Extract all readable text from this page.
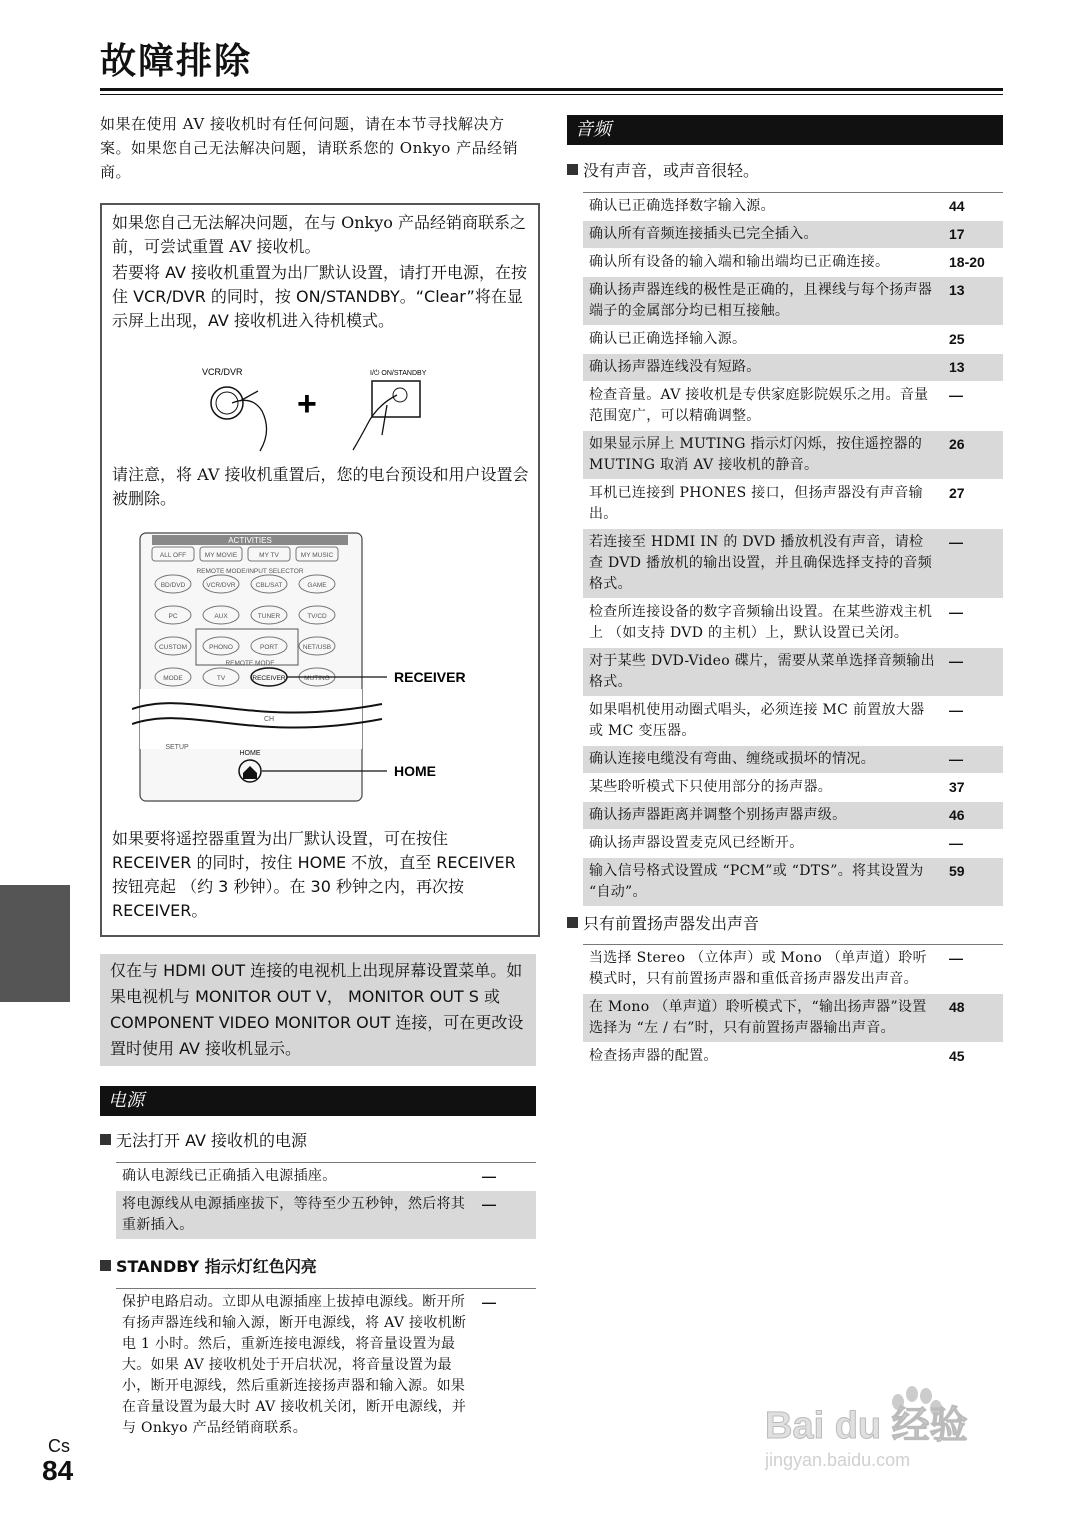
故障排除
如果在使用 AV 接收机时有任何问题，请在本节寻找解决方案。如果您自己无法解决问题，请联系您的 Onkyo 产品经销商。

如果您自己无法解决问题，在与 Onkyo 产品经销商联系之前，可尝试重置 AV 接收机。

若要将 AV 接收机重置为出厂默认设置，请打开电源，在按住 VCR/DVR 的同时，按 ON/STANDBY。“Clear”将在显示屏上出现，AV 接收机进入待机模式。

VCR/DVR
+
I/⏻ ON/STANDBY

请注意，将 AV 接收机重置后，您的电台预设和用户设置会被删除。

ACTIVITIES
ALL OFF	MY MOVIE	MY TV	MY MUSIC
REMOTE MODE/INPUT SELECTOR
BD/DVD	VCR/DVR	CBL/SAT	GAME
PC	AUX	TUNER	TV/CD
CUSTOM	PHONO	PORT	NET/USB
REMOTE MODE
MODE	TV	RECEIVER	MUTING	RECEIVER
CH
SETUP
HOME
HOME

如果要将遥控器重置为出厂默认设置，可在按住 RECEIVER 的同时，按住 HOME 不放，直至 RECEIVER 按钮亮起 （约 3 秒钟）。在 30 秒钟之内，再次按 RECEIVER。

仅在与 HDMI OUT 连接的电视机上出现屏幕设置菜单。如果电视机与 MONITOR OUT V， MONITOR OUT S 或 COMPONENT VIDEO MONITOR OUT 连接，可在更改设置时使用 AV 接收机显示。
电源
无法打开 AV 接收机的电源
确认电源线已正确插入电源插座。	—
将电源线从电源插座拔下，等待至少五秒钟，然后将其重新插入。	—
STANDBY 指示灯红色闪亮
保护电路启动。立即从电源插座上拔掉电源线。断开所有扬声器连线和输入源，断开电源线，将 AV 接收机断电 1 小时。然后，重新连接电源线，将音量设置为最大。如果 AV 接收机处于开启状况，将音量设置为最小，断开电源线，然后重新连接扬声器和输入源。如果在音量设置为最大时 AV 接收机关闭，断开电源线，并与 Onkyo 产品经销商联系。	—
音频
没有声音，或声音很轻。
确认已正确选择数字输入源。	44
确认所有音频连接插头已完全插入。	17
确认所有设备的输入端和输出端均已正确连接。	18-20
确认扬声器连线的极性是正确的，且裸线与每个扬声器端子的金属部分均已相互接触。	13
确认已正确选择输入源。	25
确认扬声器连线没有短路。	13
检查音量。AV 接收机是专供家庭影院娱乐之用。音量范围宽广，可以精确调整。	—
如果显示屏上 MUTING 指示灯闪烁，按住遥控器的 MUTING 取消 AV 接收机的静音。	26
耳机已连接到 PHONES 接口，但扬声器没有声音输出。	27
若连接至 HDMI IN 的 DVD 播放机没有声音，请检查 DVD 播放机的输出设置，并且确保选择支持的音频格式。	—
检查所连接设备的数字音频输出设置。在某些游戏主机上 （如支持 DVD 的主机）上，默认设置已关闭。	—
对于某些 DVD-Video 碟片，需要从菜单选择音频输出格式。	—
如果唱机使用动圈式唱头，必须连接 MC 前置放大器或 MC 变压器。	—
确认连接电缆没有弯曲、缠绕或损坏的情况。	—
某些聆听模式下只使用部分的扬声器。	37
确认扬声器距离并调整个别扬声器声级。	46
确认扬声器设置麦克风已经断开。	—
输入信号格式设置成 “PCM”或 “DTS”。将其设置为 “自动”。	59
只有前置扬声器发出声音
当选择 Stereo （立体声）或 Mono （单声道）聆听模式时，只有前置扬声器和重低音扬声器发出声音。	—
在 Mono （单声道）聆听模式下，“输出扬声器”设置选择为 “左 / 右”时，只有前置扬声器输出声音。	48
检查扬声器的配置。	45
Cs
84
Bai du 经验
jingyan.baidu.com
